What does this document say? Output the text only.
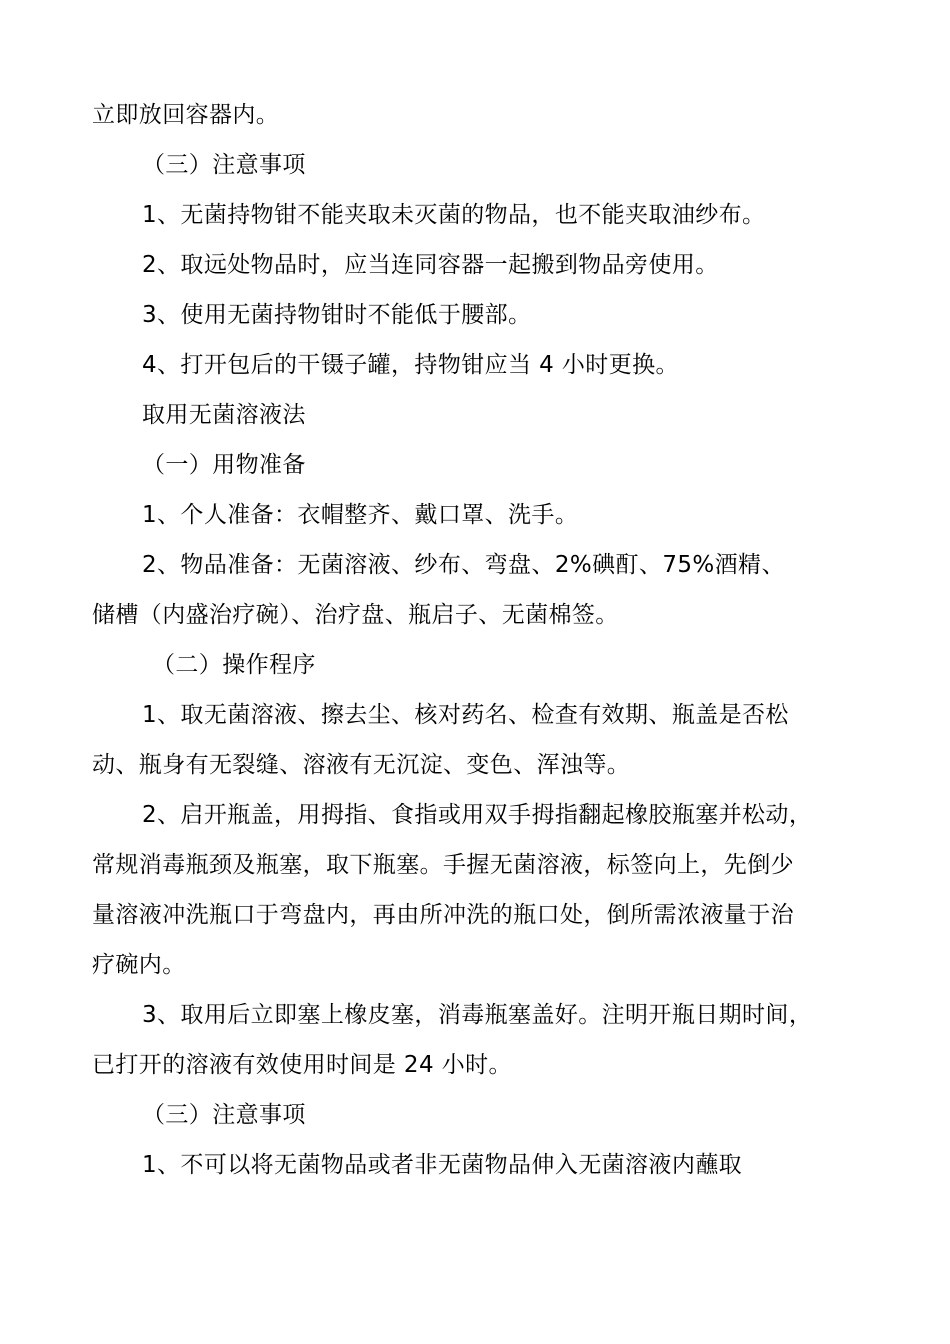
立即放回容器内。
（三）注意事项
1、无菌持物钳不能夹取未灭菌的物品，也不能夹取油纱布。
2、取远处物品时，应当连同容器一起搬到物品旁使用。
3、使用无菌持物钳时不能低于腰部。
4、打开包后的干镊子罐，持物钳应当 4 小时更换。
取用无菌溶液法
（一）用物准备
1、个人准备：衣帽整齐、戴口罩、洗手。
2、物品准备：无菌溶液、纱布、弯盘、2%碘酊、75%酒精、
储槽（内盛治疗碗）、治疗盘、瓶启子、无菌棉签。
（二）操作程序
1、取无菌溶液、擦去尘、核对药名、检查有效期、瓶盖是否松
动、瓶身有无裂缝、溶液有无沉淀、变色、浑浊等。
2、启开瓶盖，用拇指、食指或用双手拇指翻起橡胶瓶塞并松动，
常规消毒瓶颈及瓶塞，取下瓶塞。手握无菌溶液，标签向上，先倒少
量溶液冲洗瓶口于弯盘内，再由所冲洗的瓶口处，倒所需浓液量于治
疗碗内。
3、取用后立即塞上橡皮塞，消毒瓶塞盖好。注明开瓶日期时间，
已打开的溶液有效使用时间是 24 小时。
（三）注意事项
1、不可以将无菌物品或者非无菌物品伸入无菌溶液内蘸取
